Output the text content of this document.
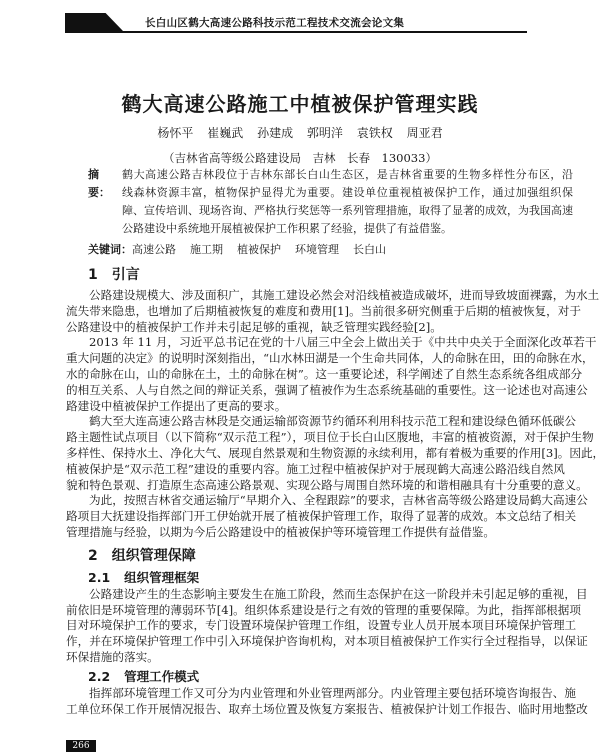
长白山区鹤大高速公路科技示范工程技术交流会论文集
鹤大高速公路施工中植被保护管理实践
杨怀平 崔巍武 孙建成 郭明洋 袁铁权 周亚君
（吉林省高等级公路建设局　吉林　长春　130033）
摘　要：
鹤大高速公路吉林段位于吉林东部长白山生态区，是吉林省重要的生物多样性分布区，沿
线森林资源丰富，植物保护显得尤为重要。建设单位重视植被保护工作，通过加强组织保
障、宣传培训、现场咨询、严格执行奖惩等一系列管理措施，取得了显著的成效，为我国高速
公路建设中系统地开展植被保护工作积累了经验，提供了有益借鉴。
关键词：高速公路 施工期 植被保护 环境管理 长白山
1 引言
公路建设规模大、涉及面积广，其施工建设必然会对沿线植被造成破坏，进而导致坡面裸露，为水土
流失带来隐患，也增加了后期植被恢复的难度和费用[1]。当前很多研究侧重于后期的植被恢复，对于
公路建设中的植被保护工作并未引起足够的重视，缺乏管理实践经验[2]。
2013 年 11 月，习近平总书记在党的十八届三中全会上做出关于《中共中央关于全面深化改革若干
重大问题的决定》的说明时深刻指出，“山水林田湖是一个生命共同体，人的命脉在田，田的命脉在水，
水的命脉在山，山的命脉在土，土的命脉在树”。这一重要论述，科学阐述了自然生态系统各组成部分
的相互关系、人与自然之间的辩证关系，强调了植被作为生态系统基础的重要性。这一论述也对高速公
路建设中植被保护工作提出了更高的要求。
鹤大至大连高速公路吉林段是交通运输部资源节约循环利用科技示范工程和建设绿色循环低碳公
路主题性试点项目（以下简称“双示范工程”），项目位于长白山区腹地，丰富的植被资源，对于保护生物
多样性、保持水土、净化大气、展现自然景观和生物资源的永续利用，都有着极为重要的作用[3]。因此，
植被保护是“双示范工程”建设的重要内容。施工过程中植被保护对于展现鹤大高速公路沿线自然风
貌和特色景观、打造原生态高速公路景观、实现公路与周围自然环境的和谐相融具有十分重要的意义。
为此，按照吉林省交通运输厅“早期介入、全程跟踪”的要求，吉林省高等级公路建设局鹤大高速公
路项目大抚建设指挥部门开工伊始就开展了植被保护管理工作，取得了显著的成效。本文总结了相关
管理措施与经验，以期为今后公路建设中的植被保护等环境管理工作提供有益借鉴。
2 组织管理保障
2.1 组织管理框架
公路建设产生的生态影响主要发生在施工阶段，然而生态保护在这一阶段并未引起足够的重视，目
前依旧是环境管理的薄弱环节[4]。组织体系建设是行之有效的管理的重要保障。为此，指挥部根据项
目对环境保护工作的要求，专门设置环境保护管理工作组，设置专业人员开展本项目环境保护管理工
作，并在环境保护管理工作中引入环境保护咨询机构，对本项目植被保护工作实行全过程指导，以保证
环保措施的落实。
2.2 管理工作模式
指挥部环境管理工作又可分为内业管理和外业管理两部分。内业管理主要包括环境咨询报告、施
工单位环保工作开展情况报告、取弃土场位置及恢复方案报告、植被保护计划工作报告、临时用地整改
266
